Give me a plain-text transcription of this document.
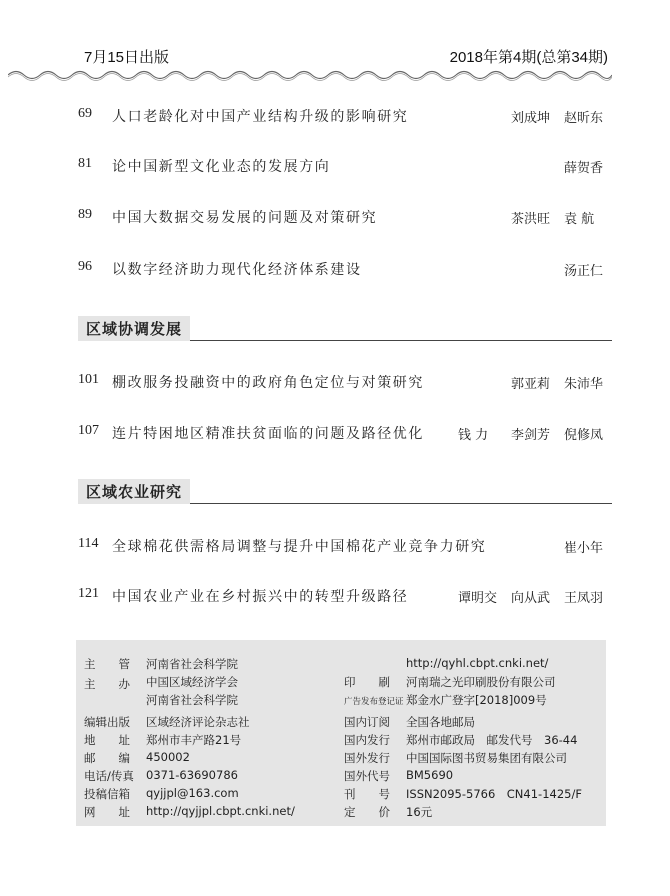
7月15日出版	2018年第4期(总第34期)
69 人口老龄化对中国产业结构升级的影响研究	刘成坤 赵昕东
81 论中国新型文化业态的发展方向	薛贺香
89 中国大数据交易发展的问题及对策研究	茶洪旺 袁 航
96 以数字经济助力现代化经济体系建设	汤正仁
区域协调发展
101 棚改服务投融资中的政府角色定位与对策研究	郭亚莉 朱沛华
107 连片特困地区精准扶贫面临的问题及路径优化	钱 力 李剑芳 倪修凤
区域农业研究
114 全球棉花供需格局调整与提升中国棉花产业竞争力研究	崔小年
121 中国农业产业在乡村振兴中的转型升级路径	谭明交 向从武 王凤羽
主　　管 河南省社会科学院
主　　办 中国区域经济学会
河南省社会科学院
编辑出版 区域经济评论杂志社
地　　址 郑州市丰产路21号
邮　　编 450002
电话/传真 0371-63690786
投稿信箱 qyjjpl@163.com
网　　址 http://qyjjpl.cbpt.cnki.net/
http://qyhl.cbpt.cnki.net/
印　　刷 河南瑞之光印刷股份有限公司
广告发布登记证 郑金水广登字[2018]009号
国内订阅 全国各地邮局
国内发行 郑州市邮政局　邮发代号　36-44
国外发行 中国国际图书贸易集团有限公司
国外代号 BM5690
刊　　号 ISSN2095-5766　CN41-1425/F
定　　价 16元
